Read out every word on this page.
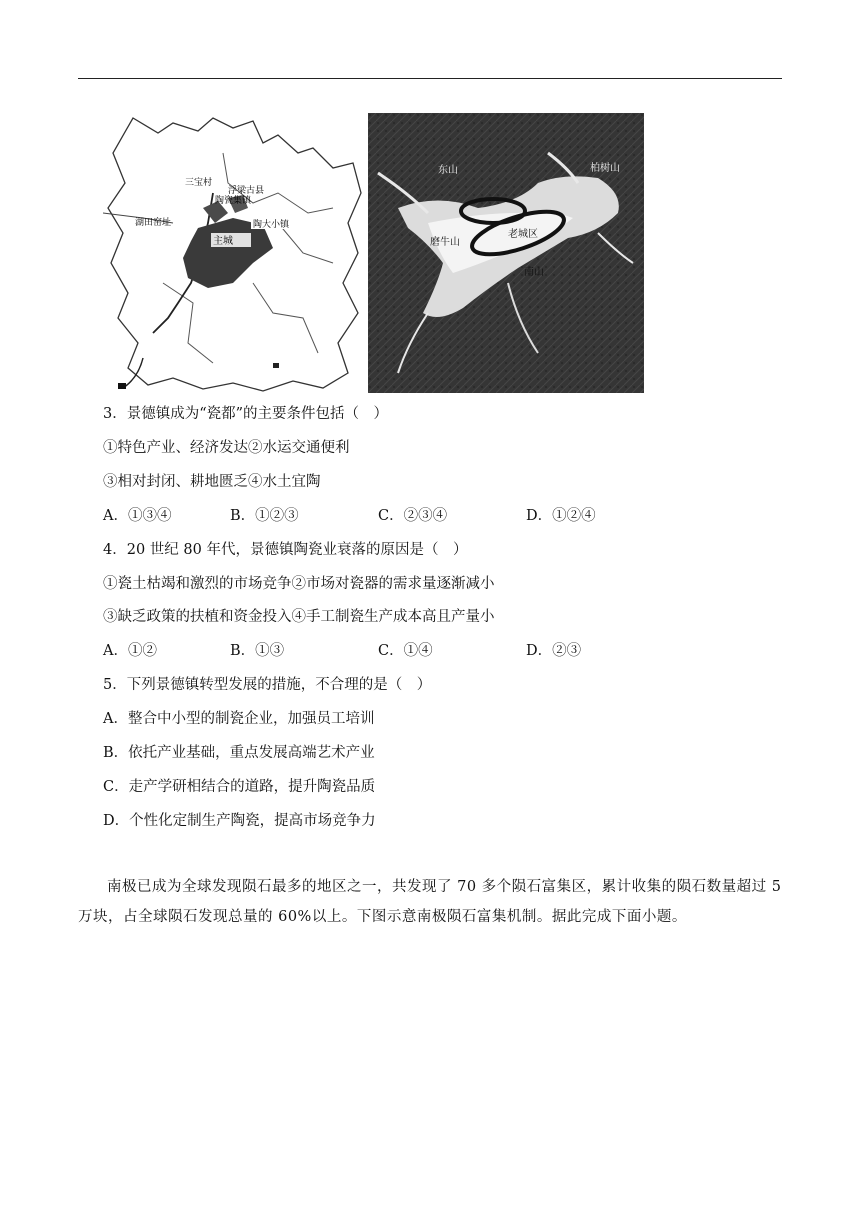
主城
三宝村
陶瓷集镇
湖田窑址
浮梁古县
陶大小镇
东山	柏树山
磨牛山
老城区
南山
3．景德镇成为“瓷都”的主要条件包括（　）
①特色产业、经济发达②水运交通便利
③相对封闭、耕地匮乏④水土宜陶
A．①③④	B．①②③	C．②③④	D．①②④
4．20 世纪 80 年代，景德镇陶瓷业衰落的原因是（　）
①瓷土枯竭和激烈的市场竞争②市场对瓷器的需求量逐渐减小
③缺乏政策的扶植和资金投入④手工制瓷生产成本高且产量小
A．①②	B．①③	C．①④	D．②③
5．下列景德镇转型发展的措施，不合理的是（　）
A．整合中小型的制瓷企业，加强员工培训
B．依托产业基础，重点发展高端艺术产业
C．走产学研相结合的道路，提升陶瓷品质
D．个性化定制生产陶瓷，提高市场竞争力
南极已成为全球发现陨石最多的地区之一，共发现了 70 多个陨石富集区，累计收集的陨石数量超过 5 万块，占全球陨石发现总量的 60%以上。下图示意南极陨石富集机制。据此完成下面小题。
